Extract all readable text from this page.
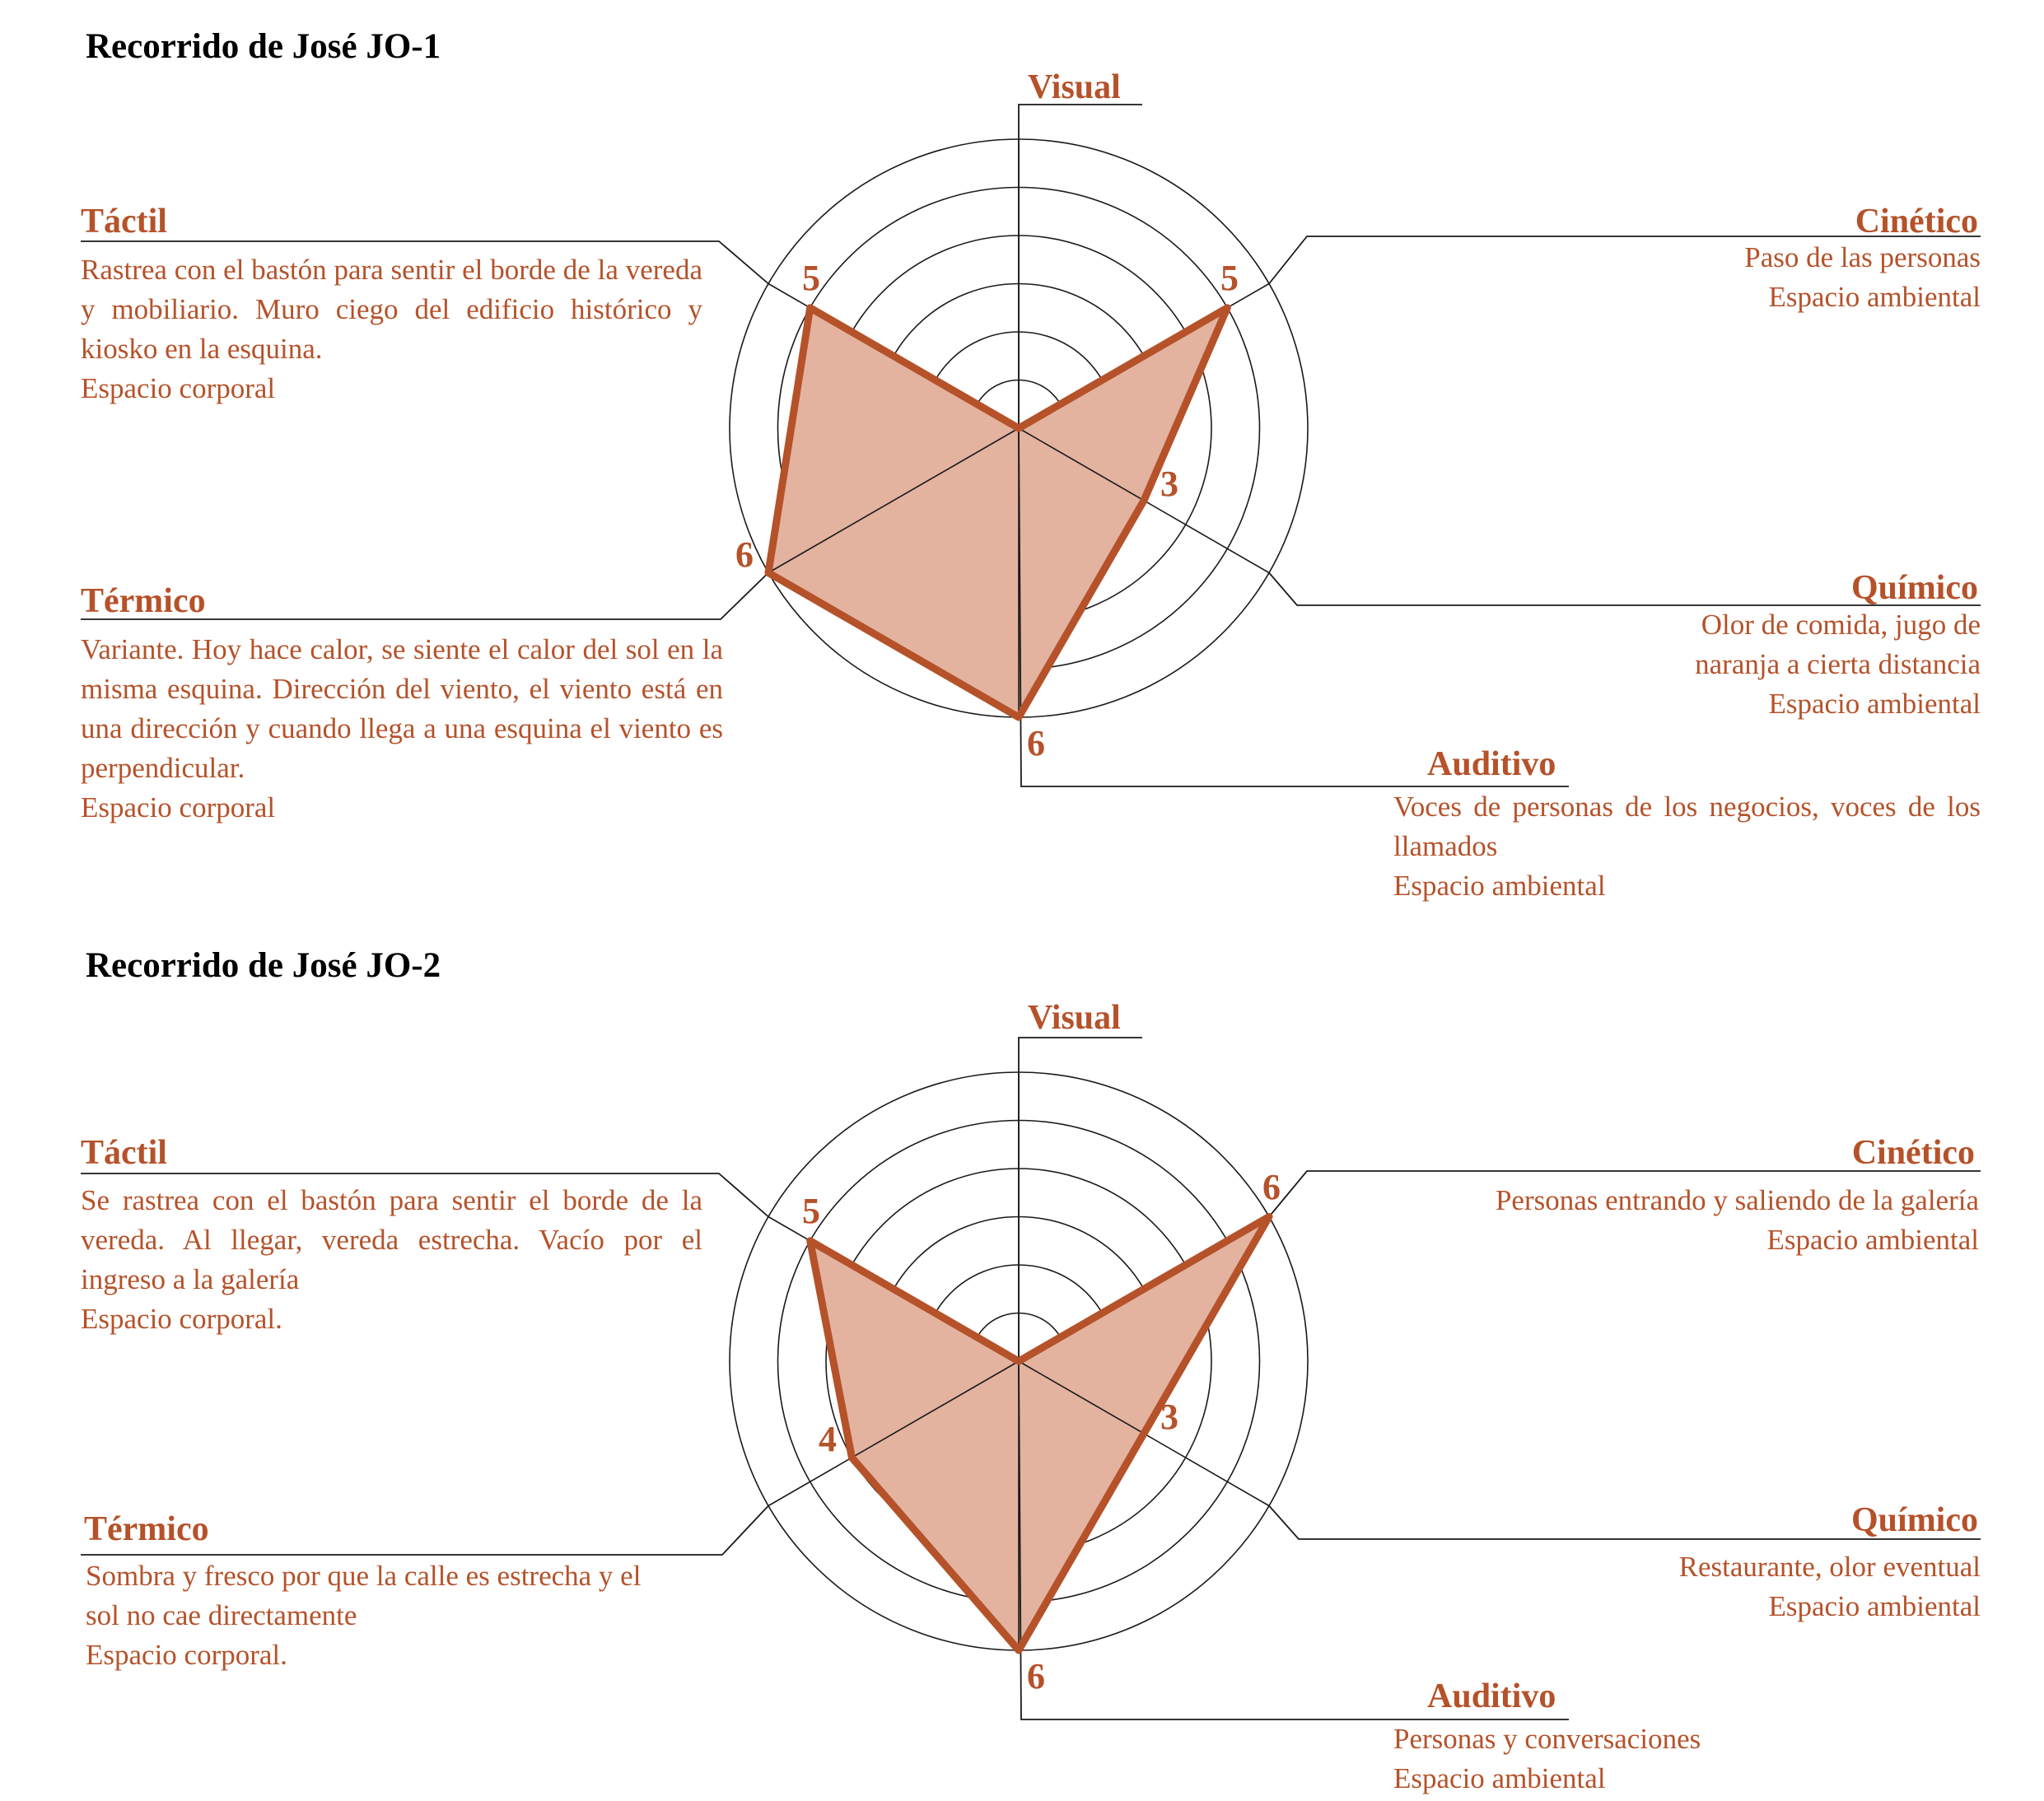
Recorrido de José JO-1
Visual
Táctil
Rastrea con el bastón para sentir el borde de la vereda y mobiliario. Muro ciego del edificio histórico y kiosko en la esquina.
Espacio corporal
Térmico
Variante. Hoy hace calor, se siente el calor del sol en la misma esquina. Dirección del viento, el viento está en una dirección y cuando llega a una esquina el viento es perpendicular.
Espacio corporal
Cinético
Paso de las personas
Espacio ambiental
Químico
Olor de comida, jugo de naranja a cierta distancia
Espacio ambiental
Auditivo
Voces de personas de los negocios, voces de los llamados
Espacio ambiental
Recorrido de José JO-2
Visual
Táctil
Se rastrea con el bastón para sentir el borde de la vereda. Al llegar, vereda estrecha. Vacío por el ingreso a la galería
Espacio corporal.
Térmico
Sombra y fresco por que la calle es estrecha y el
sol no cae directamente
Espacio corporal.
Cinético
Personas entrando y saliendo de la galería
Espacio ambiental
Químico
Restaurante, olor eventual
Espacio ambiental
Auditivo
Personas y conversaciones
Espacio ambiental
5
3
6
6
5
6
3
6
4
5
